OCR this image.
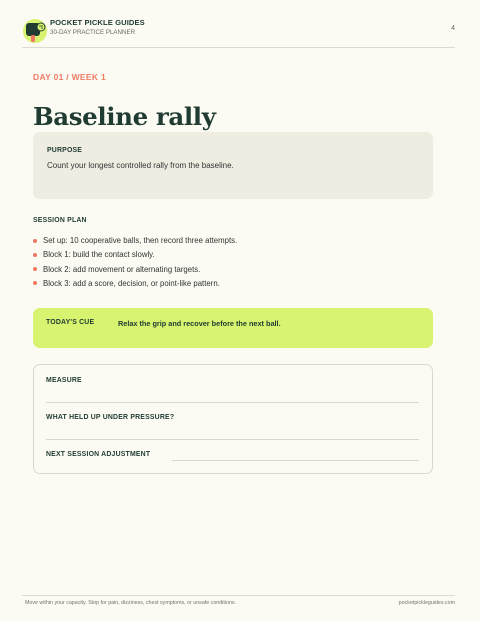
POCKET PICKLE GUIDES
30-DAY PRACTICE PLANNER
4
DAY 01 / WEEK 1
Baseline rally
PURPOSE
Count your longest controlled rally from the baseline.
SESSION PLAN
Set up: 10 cooperative balls, then record three attempts.
Block 1: build the contact slowly.
Block 2: add movement or alternating targets.
Block 3: add a score, decision, or point-like pattern.
TODAY'S CUE	Relax the grip and recover before the next ball.
MEASURE
WHAT HELD UP UNDER PRESSURE?
NEXT SESSION ADJUSTMENT
Move within your capacity. Stop for pain, dizziness, chest symptoms, or unsafe conditions.	pocketpickleguides.com
